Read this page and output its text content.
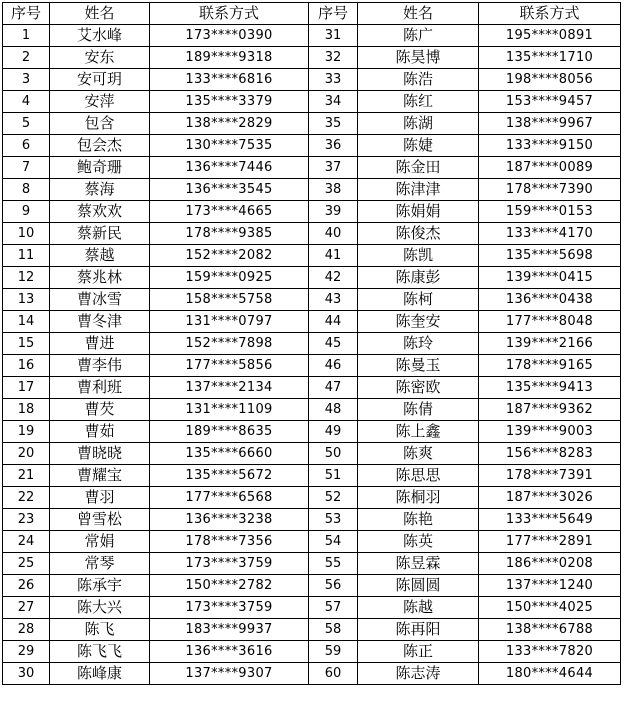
序号	姓名	联系方式	序号	姓名	联系方式
1	艾水峰	173****0390	31	陈广	195****0891
2	安东	189****9318	32	陈昊博	135****1710
3	安可玥	133****6816	33	陈浩	198****8056
4	安萍	135****3379	34	陈红	153****9457
5	包含	138****2829	35	陈湖	138****9967
6	包会杰	130****7535	36	陈婕	133****9150
7	鲍奇珊	136****7446	37	陈金田	187****0089
8	蔡海	136****3545	38	陈津津	178****7390
9	蔡欢欢	173****4665	39	陈娟娟	159****0153
10	蔡新民	178****9385	40	陈俊杰	133****4170
11	蔡越	152****2082	41	陈凯	135****5698
12	蔡兆林	159****0925	42	陈康彭	139****0415
13	曹冰雪	158****5758	43	陈柯	136****0438
14	曹冬津	131****0797	44	陈奎安	177****8048
15	曹进	152****7898	45	陈玲	139****2166
16	曹李伟	177****5856	46	陈曼玉	178****9165
17	曹利班	137****2134	47	陈密欧	135****9413
18	曹芡	131****1109	48	陈倩	187****9362
19	曹茹	189****8635	49	陈上鑫	139****9003
20	曹晓晓	135****6660	50	陈爽	156****8283
21	曹耀宝	135****5672	51	陈思思	178****7391
22	曹羽	177****6568	52	陈桐羽	187****3026
23	曾雪松	136****3238	53	陈艳	133****5649
24	常娟	178****7356	54	陈英	177****2891
25	常琴	173****3759	55	陈昱霖	186****0208
26	陈承宇	150****2782	56	陈圆圆	137****1240
27	陈大兴	173****3759	57	陈越	150****4025
28	陈飞	183****9937	58	陈再阳	138****6788
29	陈飞飞	136****3616	59	陈正	133****7820
30	陈峰康	137****9307	60	陈志涛	180****4644
